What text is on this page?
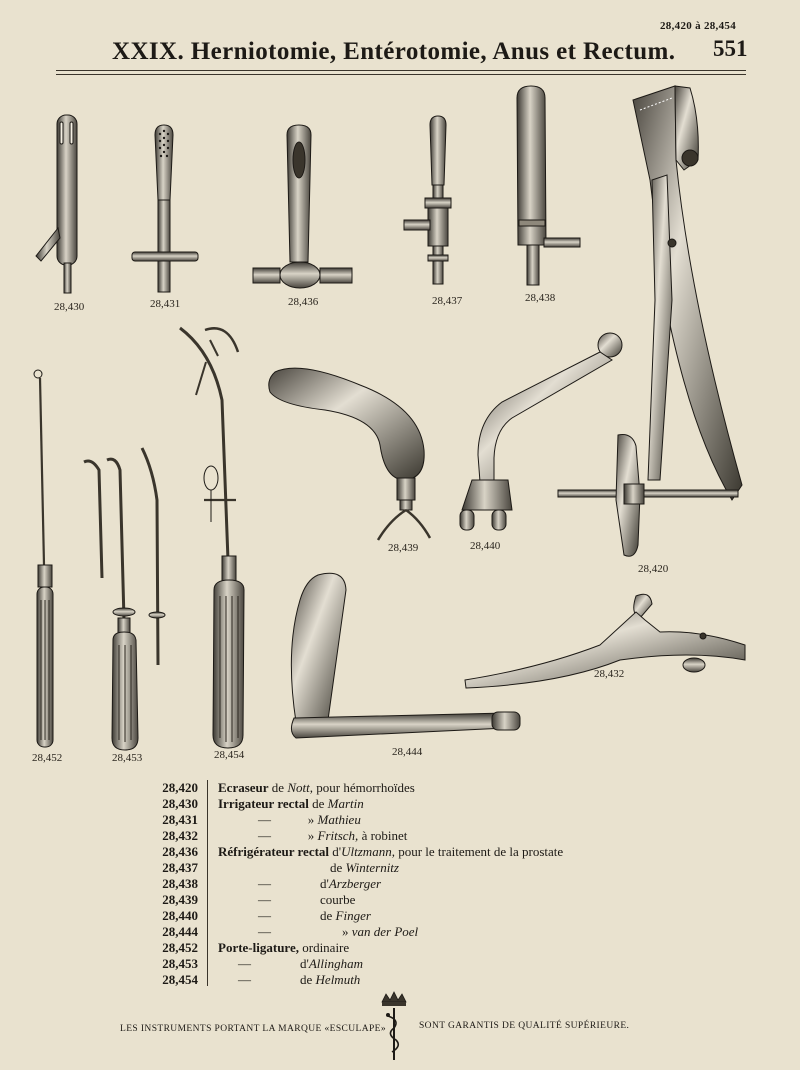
28,420 à 28,454
XXIX. Herniotomie, Entérotomie, Anus et Rectum. 551
28,430	28,431	28,436	28,437	28,438
28,439	28,440
28,420
28,432
28,444
28,452	28,453	28,454
28,420 Ecraseur de Nott, pour hémorrhoïdes
28,430 Irrigateur rectal de Martin
28,431	—	» Mathieu
28,432	—	» Fritsch, à robinet
28,436 Réfrigérateur rectal d'Ultzmann, pour le traitement de la prostate
28,437	de Winternitz
28,438	—	d'Arzberger
28,439	—	courbe
28,440	—	de Finger
28,444	—	» van der Poel
28,452 Porte-ligature, ordinaire
28,453	—	d'Allingham
28,454	—	de Helmuth
LES INSTRUMENTS PORTANT LA MARQUE «ESCULAPE»	SONT GARANTIS DE QUALITÉ SUPÉRIEURE.
